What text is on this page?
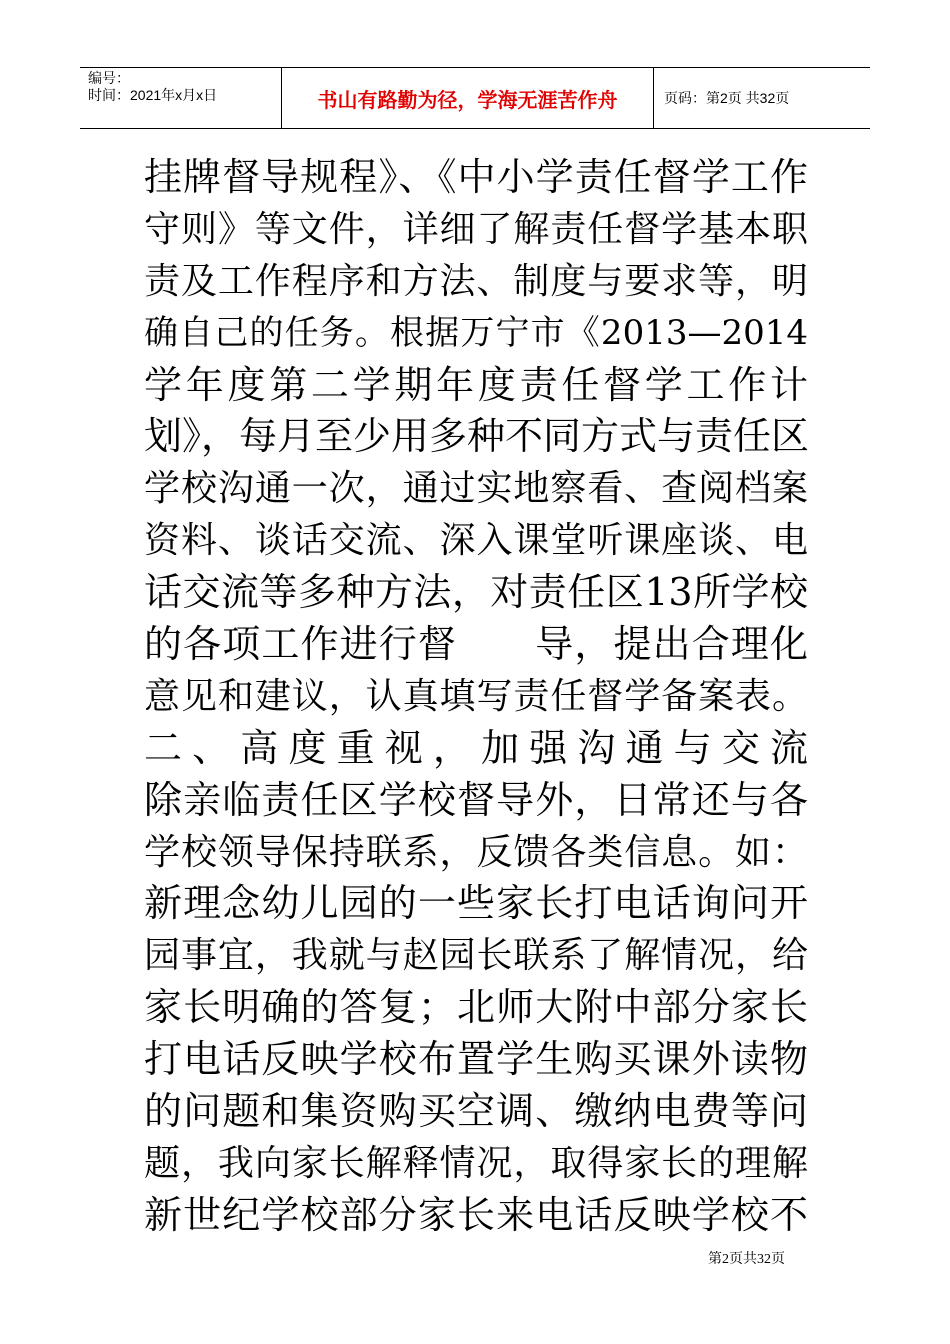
编号：
时间：2021年x月x日	书山有路勤为径，学海无涯苦作舟	页码：第2页 共32页
挂牌督导规程》、《中小学责任督学工作
守则》等文件，详细了解责任督学基本职
责及工作程序和方法、制度与要求等，明
确自己的任务。根据万宁市《2013—2014
学年度第二学期年度责任督学工作计
划》，每月至少用多种不同方式与责任区
学校沟通一次，通过实地察看、查阅档案
资料、谈话交流、深入课堂听课座谈、电
话交流等多种方法，对责任区13所学校
的各项工作进行督　　导，提出合理化
意见和建议，认真填写责任督学备案表。
二、高度重视，加强沟通与交流
除亲临责任区学校督导外，日常还与各
学校领导保持联系，反馈各类信息。如：
新理念幼儿园的一些家长打电话询问开
园事宜，我就与赵园长联系了解情况，给
家长明确的答复；北师大附中部分家长
打电话反映学校布置学生购买课外读物
的问题和集资购买空调、缴纳电费等问
题，我向家长解释情况，取得家长的理解
新世纪学校部分家长来电话反映学校不
第2页共32页
